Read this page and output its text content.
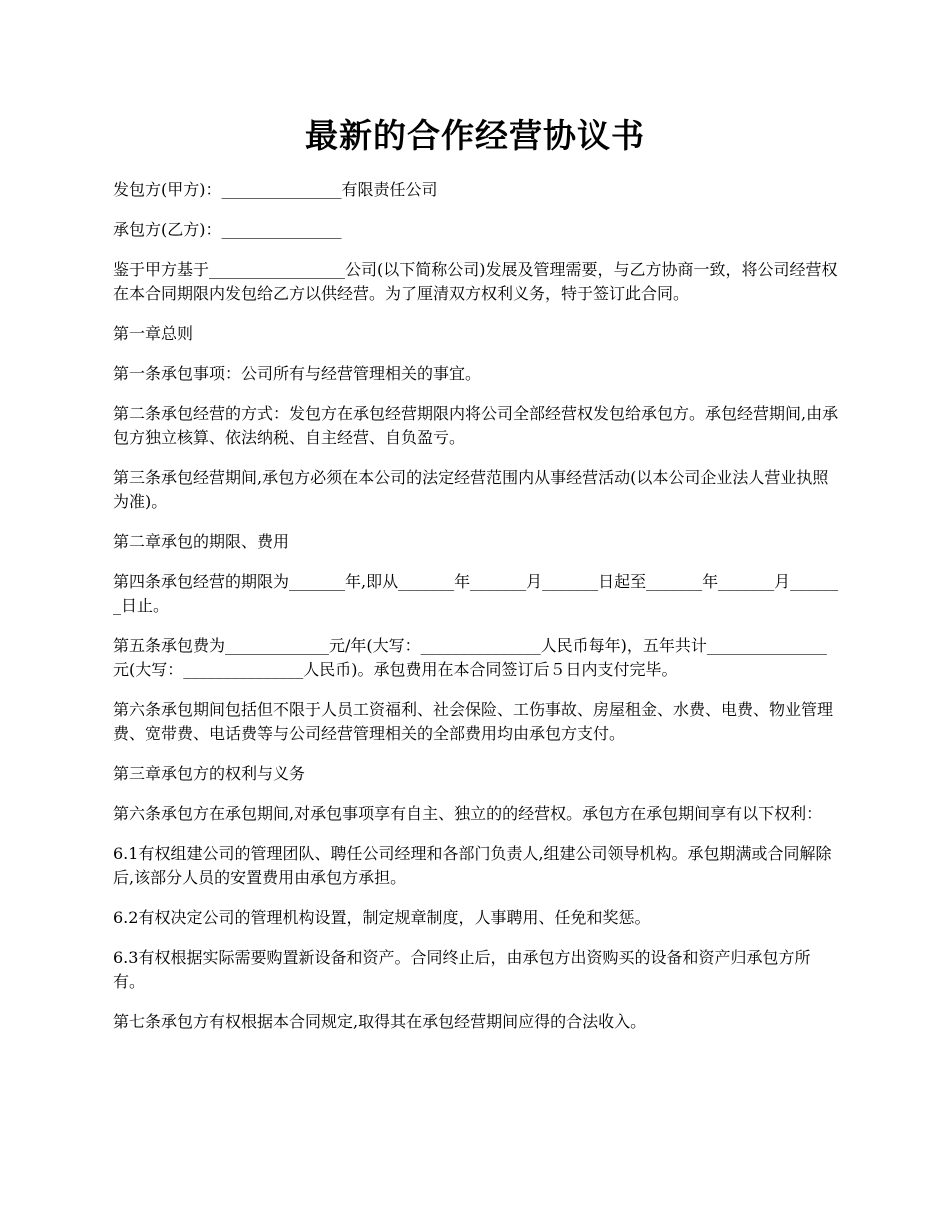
最新的合作经营协议书

发包方(甲方)：_______________有限责任公司

承包方(乙方)：_______________

鉴于甲方基于_________________公司(以下简称公司)发展及管理需要，与乙方协商一致，将公司经营权在本合同期限内发包给乙方以供经营。为了厘清双方权利义务，特于签订此合同。

第一章总则

第一条承包事项：公司所有与经营管理相关的事宜。

第二条承包经营的方式：发包方在承包经营期限内将公司全部经营权发包给承包方。承包经营期间,由承包方独立核算、依法纳税、自主经营、自负盈亏。

第三条承包经营期间,承包方必须在本公司的法定经营范围内从事经营活动(以本公司企业法人营业执照为准)。

第二章承包的期限、费用

第四条承包经营的期限为_______年,即从_______年_______月_______日起至_______年_______月_______日止。

第五条承包费为_____________元/年(大写：_______________人民币每年)，五年共计_______________元(大写：_______________人民币)。承包费用在本合同签订后５日内支付完毕。

第六条承包期间包括但不限于人员工资福利、社会保险、工伤事故、房屋租金、水费、电费、物业管理费、宽带费、电话费等与公司经营管理相关的全部费用均由承包方支付。

第三章承包方的权利与义务

第六条承包方在承包期间,对承包事项享有自主、独立的的经营权。承包方在承包期间享有以下权利：

6.1有权组建公司的管理团队、聘任公司经理和各部门负责人,组建公司领导机构。承包期满或合同解除后,该部分人员的安置费用由承包方承担。

6.2有权决定公司的管理机构设置，制定规章制度，人事聘用、任免和奖惩。

6.3有权根据实际需要购置新设备和资产。合同终止后，由承包方出资购买的设备和资产归承包方所有。

第七条承包方有权根据本合同规定,取得其在承包经营期间应得的合法收入。
